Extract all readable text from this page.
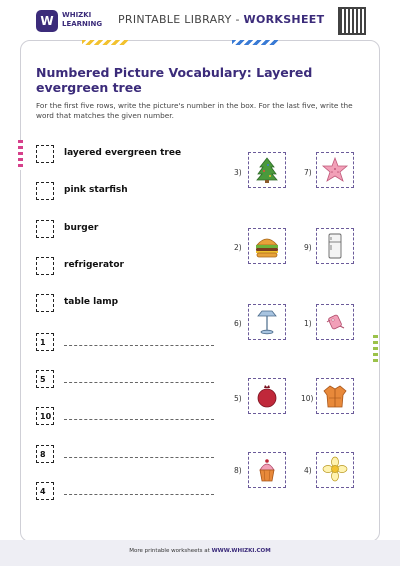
W	WHIZKI
LEARNING PRINTABLE LIBRARY - WORKSHEET
Numbered Picture Vocabulary: Layered evergreen tree
For the first five rows, write the picture's number in the box. For the last five, write the word that matches the given number.
layered evergreen tree
pink starfish
burger
refrigerator
table lamp
1
5
10
8
4
3)	7)
2)	9)
6)	1)
5)	10)
8)	4)
More printable worksheets at WWW.WHIZKI.COM
